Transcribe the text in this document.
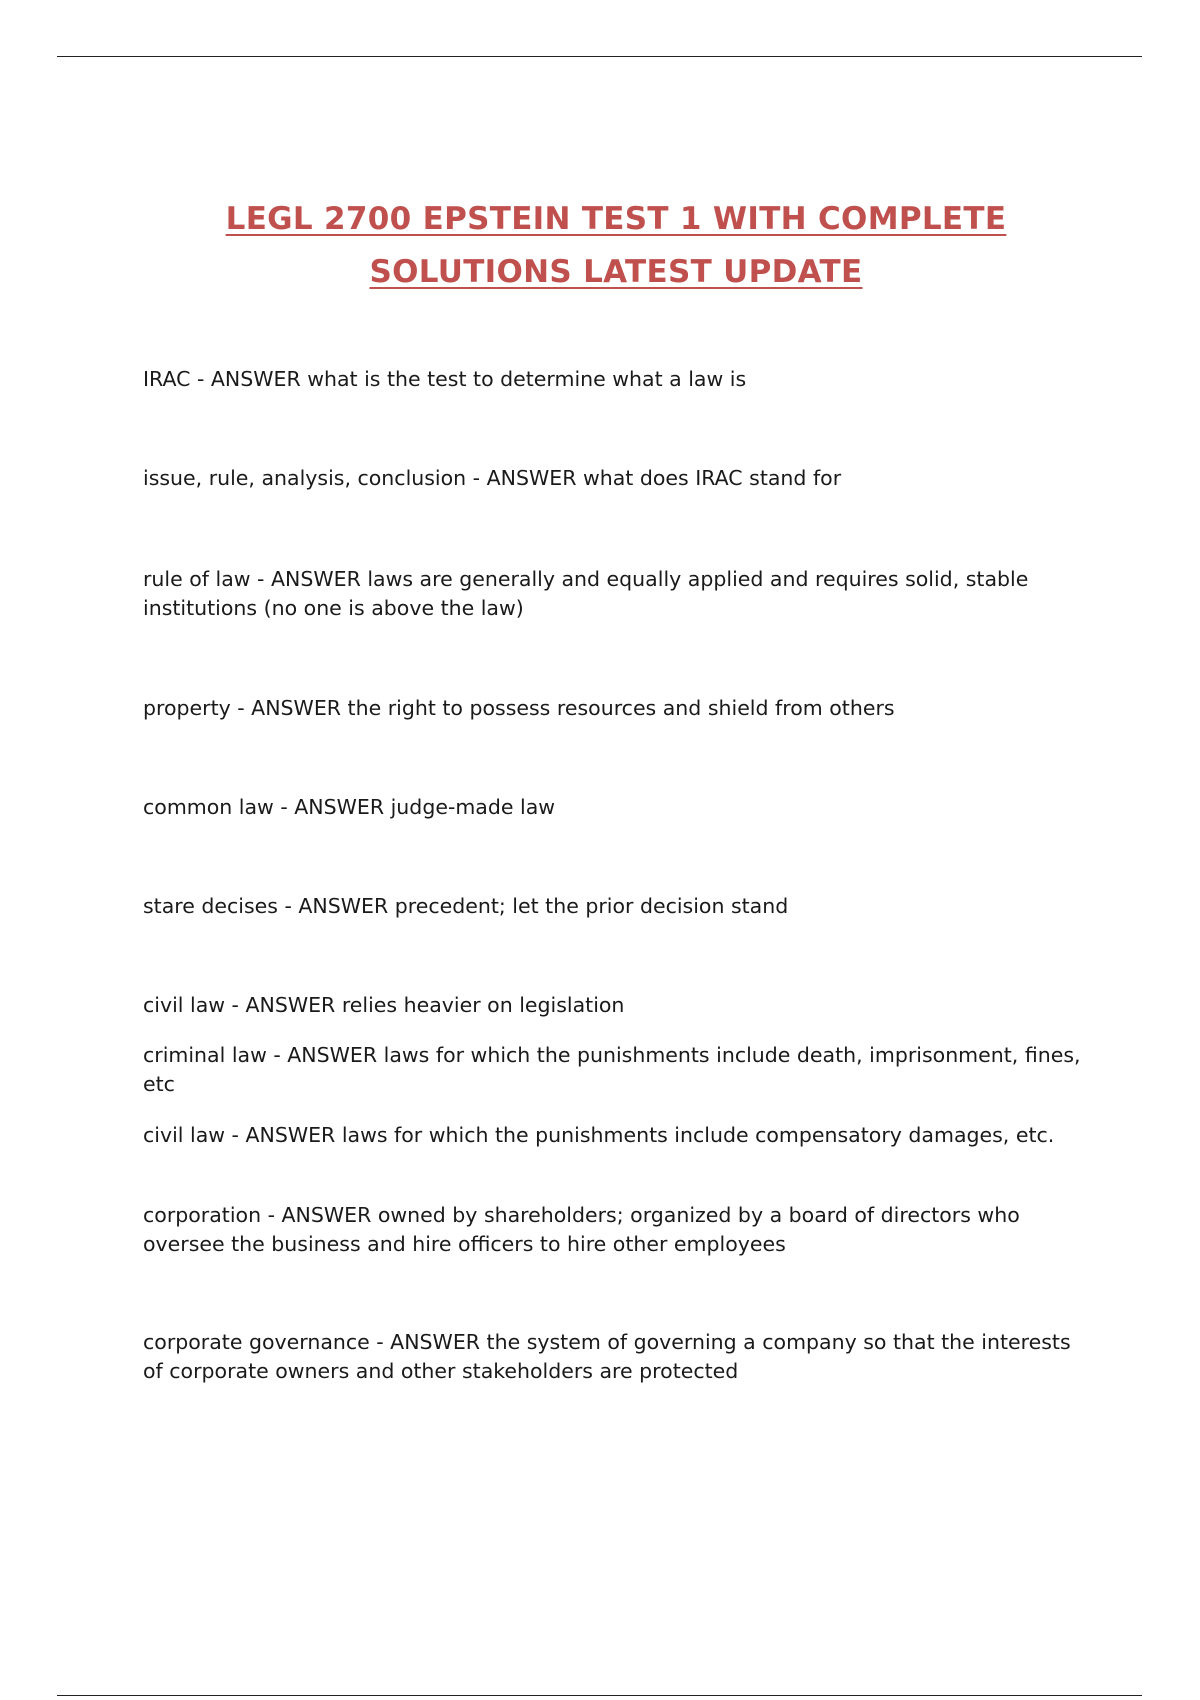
LEGL 2700 EPSTEIN TEST 1 WITH COMPLETE
SOLUTIONS LATEST UPDATE
IRAC - ANSWER what is the test to determine what a law is
issue, rule, analysis, conclusion - ANSWER what does IRAC stand for
rule of law - ANSWER laws are generally and equally applied and requires solid, stable institutions (no one is above the law)
property - ANSWER the right to possess resources and shield from others
common law - ANSWER judge-made law
stare decises - ANSWER precedent; let the prior decision stand
civil law - ANSWER relies heavier on legislation
criminal law - ANSWER laws for which the punishments include death, imprisonment, fines, etc
civil law - ANSWER laws for which the punishments include compensatory damages, etc.
corporation - ANSWER owned by shareholders; organized by a board of directors who oversee the business and hire officers to hire other employees
corporate governance - ANSWER the system of governing a company so that the interests of corporate owners and other stakeholders are protected
